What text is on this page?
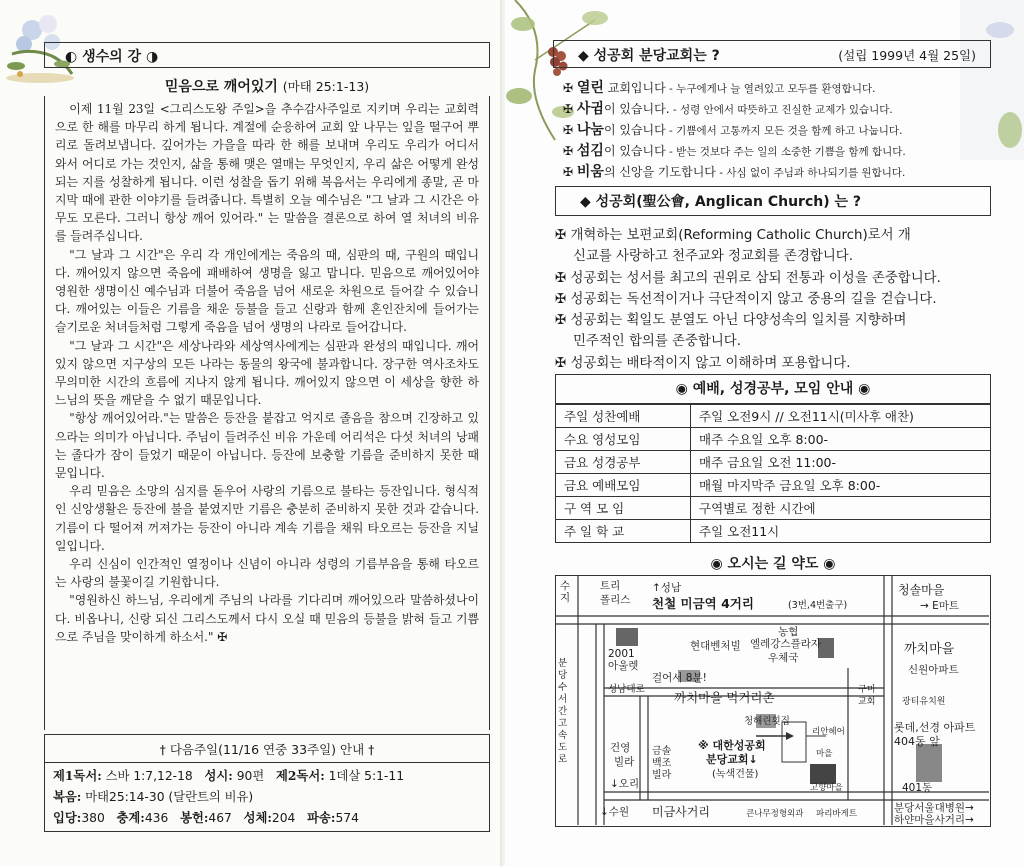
◐ 생수의 강 ◑
믿음으로 깨어있기 (마태 25:1-13)

이제 11월 23일 <그리스도왕 주일>을 추수감사주일로 지키며 우리는 교회력으로 한 해를 마무리 하게 됩니다. 계절에 순응하여 교회 앞 나무는 잎을 떨구어 뿌리로 돌려보냅니다. 깊어가는 가을을 따라 한 해를 보내며 우리도 우리가 어디서 와서 어디로 가는 것인지, 삶을 통해 맺은 열매는 무엇인지, 우리 삶은 어떻게 완성되는 지를 성찰하게 됩니다. 이런 성찰을 돕기 위해 복음서는 우리에게 종말, 곧 마지막 때에 관한 이야기를 들려줍니다. 특별히 오늘 예수님은 "그 날과 그 시간은 아무도 모른다. 그러니 항상 깨어 있어라." 는 말씀을 결론으로 하여 열 처녀의 비유를 들려주십니다.

"그 날과 그 시간"은 우리 각 개인에게는 죽음의 때, 심판의 때, 구원의 때입니다. 깨어있지 않으면 죽음에 패배하여 생명을 잃고 맙니다. 믿음으로 깨어있어야 영원한 생명이신 예수님과 더불어 죽음을 넘어 새로운 차원으로 들어갈 수 있습니다. 깨어있는 이들은 기름을 채운 등불을 들고 신랑과 함께 혼인잔치에 들어가는 슬기로운 처녀들처럼 그렇게 죽음을 넘어 생명의 나라로 들어갑니다.

"그 날과 그 시간"은 세상나라와 세상역사에게는 심판과 완성의 때입니다. 깨어있지 않으면 지구상의 모든 나라는 동물의 왕국에 불과합니다. 장구한 역사조차도 무의미한 시간의 흐름에 지나지 않게 됩니다. 깨어있지 않으면 이 세상을 향한 하느님의 뜻을 깨닫을 수 없기 때문입니다.

"항상 깨어있어라."는 말씀은 등잔을 붙잡고 억지로 졸음을 참으며 긴장하고 있으라는 의미가 아닙니다. 주님이 들려주신 비유 가운데 어리석은 다섯 처녀의 낭패는 졸다가 잠이 들었기 때문이 아닙니다. 등잔에 보충할 기름을 준비하지 못한 때문입니다.

우리 믿음은 소망의 심지를 돋우어 사랑의 기름으로 불타는 등잔입니다. 형식적인 신앙생활은 등잔에 불을 붙였지만 기름은 충분히 준비하지 못한 것과 같습니다. 기름이 다 떨어져 꺼져가는 등잔이 아니라 계속 기름을 채워 타오르는 등잔을 지닐 일입니다.

우리 신심이 인간적인 열정이나 신념이 아니라 성령의 기름부음을 통해 타오르는 사랑의 불꽃이길 기원합니다.

"영원하신 하느님, 우리에게 주님의 나라를 기다리며 깨어있으라 말씀하셨나이다. 비옵나니, 신랑 되신 그리스도께서 다시 오실 때 믿음의 등불을 밝혀 들고 기쁨으로 주님을 맞이하게 하소서." ✠

† 다음주일(11/16 연중 33주일) 안내 †
제1독서: 스바 1:7,12-18 성시: 90편 제2독서: 1데살 5:1-11
복음: 마태25:14-30 (달란트의 비유)
입당:380 충계:436 봉헌:467 성체:204 파송:574
◆ 성공회 분당교회는 ?	(설립 1999년 4월 25일)
✠ 열린 교회입니다 - 누구에게나 늘 열려있고 모두를 환영합니다.
✠ 사귐이 있습니다. - 성령 안에서 따뜻하고 진실한 교제가 있습니다.
✠ 나눔이 있습니다 - 기쁨에서 고통까지 모든 것을 함께 하고 나눕니다.
✠ 섬김이 있습니다 - 받는 것보다 주는 일의 소중한 기쁨을 함께 합니다.
✠ 비움의 신앙을 기도합니다 - 사심 없이 주님과 하나되기를 원합니다.
◆ 성공회(聖公會, Anglican Church) 는 ?
✠ 개혁하는 보편교회(Reforming Catholic Church)로서 개
신교를 사랑하고 천주교와 정교회를 존경합니다.
✠ 성공회는 성서를 최고의 권위로 삼되 전통과 이성을 존중합니다.
✠ 성공회는 독선적이거나 극단적이지 않고 중용의 길을 걷습니다.
✠ 성공회는 획일도 분열도 아닌 다양성속의 일치를 지향하며
민주적인 합의를 존중합니다.
✠ 성공회는 배타적이지 않고 이해하며 포용합니다.
◉ 예배, 성경공부, 모임 안내 ◉
주일 성찬예배	주일 오전9시 // 오전11시(미사후 애찬)
수요 영성모임	매주 수요일 오후 8:00-
금요 성경공부	매주 금요일 오전 11:00-
금요 예배모임	매월 마지막주 금요일 오후 8:00-
구 역 모 임	구역별로 정한 시간에
주 일 학 교	주일 오전11시
◉ 오시는 길 약도 ◉
수지
트리
폴리스
↑성남
천철 미금역 4거리	(3번,4번출구)
청솔마을
→ E마트
2001
아울렛
현대벤처빌
농협
엘레강스플라자
우체국
까치마을
신원아파트
분당수서간고속도로
걸어서 8분!
성남대로	구미
교회
까치마을 먹거리촌	광티유치원
청해린횟집	롯데,선경 아파트
404동 앞
건영
빌라
금솔
백조
빌라
※ 대한성공회
분당교회↓
(녹색건물)
↓오리
리안헤어
마을
401동
고향마을
↓수원 미금사거리	큰나무정형외과 파리바게트	분당서울대병원→
하얀마을사거리→
